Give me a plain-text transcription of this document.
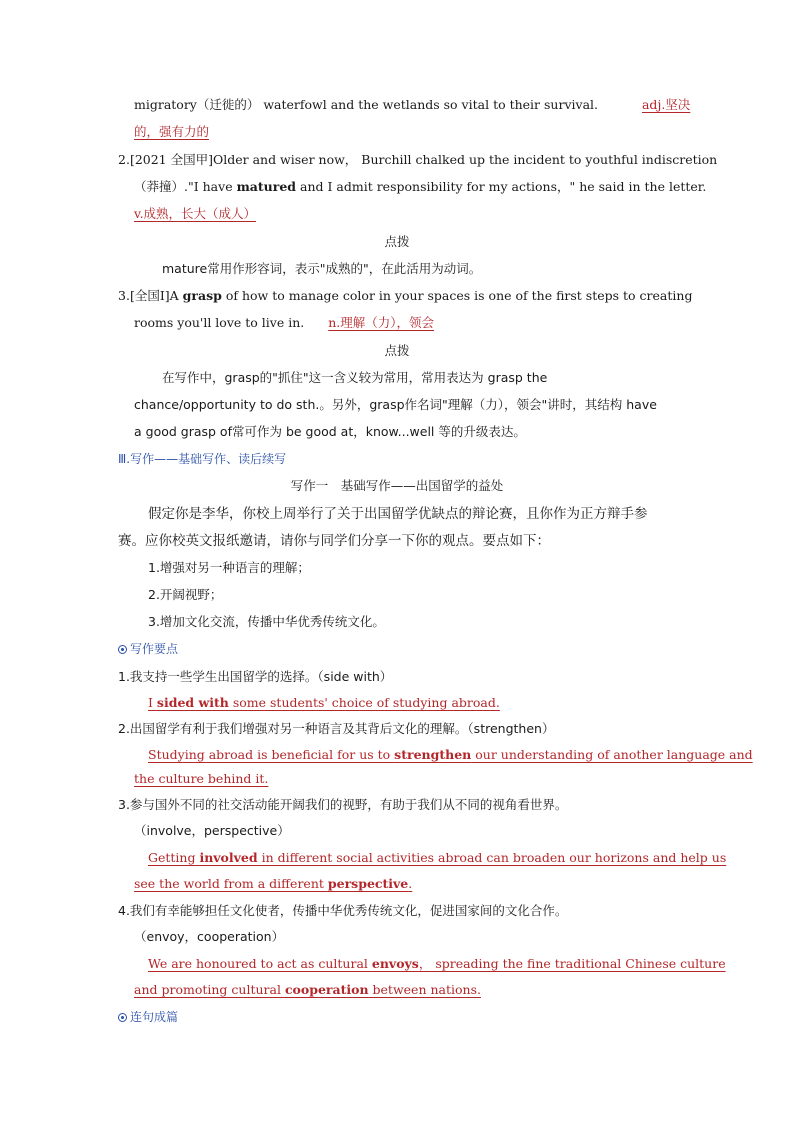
migratory（迁徙的） waterfowl and the wetlands so vital to their survival.	adj.坚决
的，强有力的
2.[2021 全国甲]Older and wiser now， Burchill chalked up the incident to youthful indiscretion
（莽撞）."I have matured and I admit responsibility for my actions，" he said in the letter.
v.成熟，长大（成人）
点拨
mature常用作形容词，表示"成熟的"，在此活用为动词。
3.[全国Ⅰ]A grasp of how to manage color in your spaces is one of the first steps to creating
rooms you'll love to live in. n.理解（力），领会
点拨
在写作中，grasp的"抓住"这一含义较为常用，常用表达为 grasp the
chance/opportunity to do sth.。另外，grasp作名词"理解（力），领会"讲时，其结构 have
a good grasp of常可作为 be good at，know...well 等的升级表达。
Ⅲ.写作——基础写作、读后续写
写作一　基础写作——出国留学的益处
假定你是李华，你校上周举行了关于出国留学优缺点的辩论赛，且你作为正方辩手参
赛。应你校英文报纸邀请，请你与同学们分享一下你的观点。要点如下：
1.增强对另一种语言的理解；
2.开阔视野；
3.增加文化交流，传播中华优秀传统文化。
写作要点
1.我支持一些学生出国留学的选择。（side with）
I sided with some students' choice of studying abroad.
2.出国留学有利于我们增强对另一种语言及其背后文化的理解。（strengthen）
Studying abroad is beneficial for us to strengthen our understanding of another language and
the culture behind it.
3.参与国外不同的社交活动能开阔我们的视野，有助于我们从不同的视角看世界。
（involve，perspective）
Getting involved in different social activities abroad can broaden our horizons and help us
see the world from a different perspective.
4.我们有幸能够担任文化使者，传播中华优秀传统文化，促进国家间的文化合作。
（envoy，cooperation）
We are honoured to act as cultural envoys， spreading the fine traditional Chinese culture
and promoting cultural cooperation between nations.
连句成篇
